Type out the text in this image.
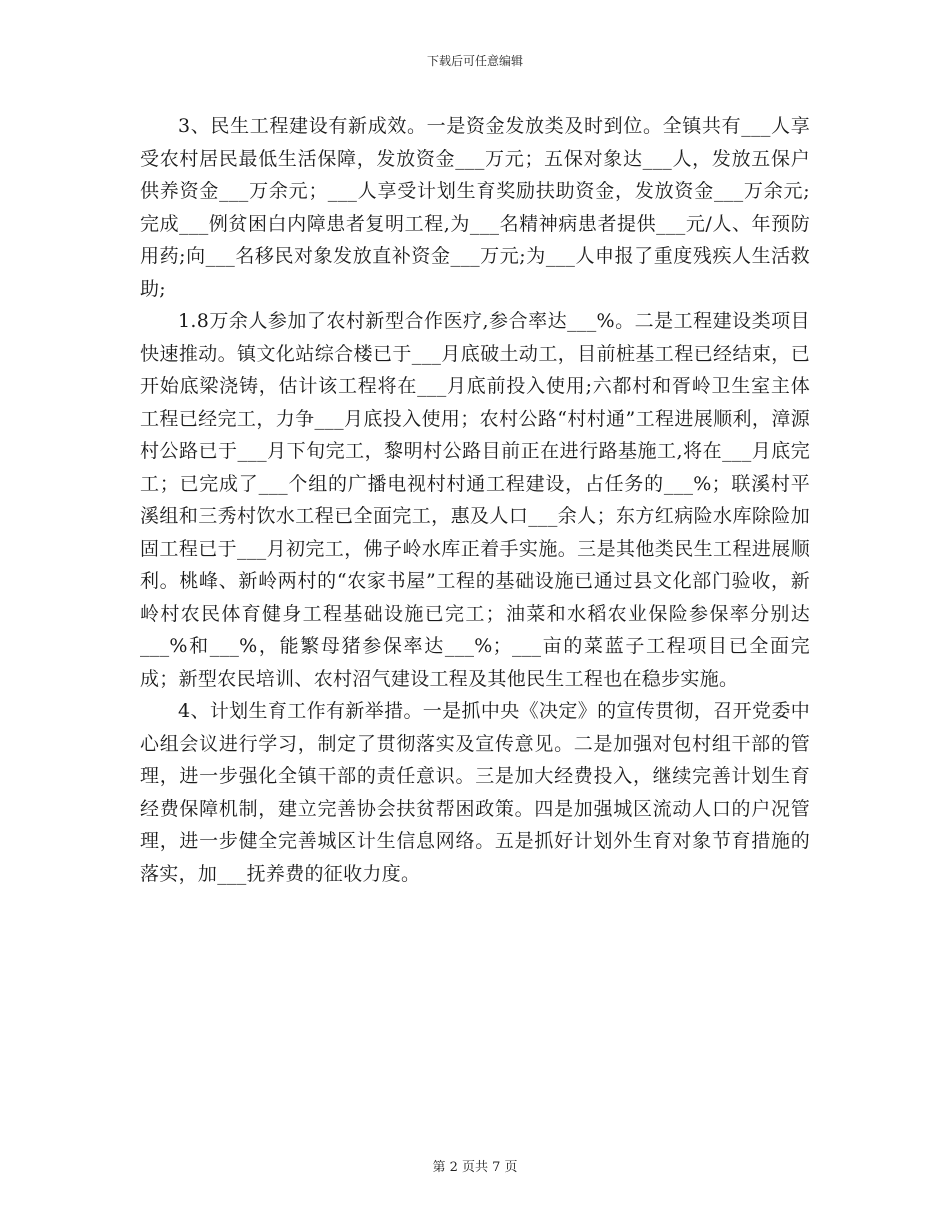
下载后可任意编辑

3、民生工程建设有新成效。一是资金发放类及时到位。全镇共有___人享受农村居民最低生活保障，发放资金___万元；五保对象达___人，发放五保户供养资金___万余元；___人享受计划生育奖励扶助资金，发放资金___万余元;完成___例贫困白内障患者复明工程,为___名精神病患者提供___元/人、年预防用药;向___名移民对象发放直补资金___万元;为___人申报了重度残疾人生活救助;

1.8万余人参加了农村新型合作医疗,参合率达___%。二是工程建设类项目快速推动。镇文化站综合楼已于___月底破土动工，目前桩基工程已经结束，已开始底梁浇铸，估计该工程将在___月底前投入使用;六都村和胥岭卫生室主体工程已经完工，力争___月底投入使用；农村公路“村村通”工程进展顺利，漳源村公路已于___月下旬完工，黎明村公路目前正在进行路基施工,将在___月底完工；已完成了___个组的广播电视村村通工程建设，占任务的___%；联溪村平溪组和三秀村饮水工程已全面完工，惠及人口___余人；东方红病险水库除险加固工程已于___月初完工，佛子岭水库正着手实施。三是其他类民生工程进展顺利。桃峰、新岭两村的“农家书屋”工程的基础设施已通过县文化部门验收，新岭村农民体育健身工程基础设施已完工；油菜和水稻农业保险参保率分别达___%和___%，能繁母猪参保率达___%；___亩的菜蓝子工程项目已全面完成；新型农民培训、农村沼气建设工程及其他民生工程也在稳步实施。

4、计划生育工作有新举措。一是抓中央《决定》的宣传贯彻，召开党委中心组会议进行学习，制定了贯彻落实及宣传意见。二是加强对包村组干部的管理，进一步强化全镇干部的责任意识。三是加大经费投入，继续完善计划生育经费保障机制，建立完善协会扶贫帮困政策。四是加强城区流动人口的户况管理，进一步健全完善城区计生信息网络。五是抓好计划外生育对象节育措施的落实，加___抚养费的征收力度。

第 2 页共 7 页
